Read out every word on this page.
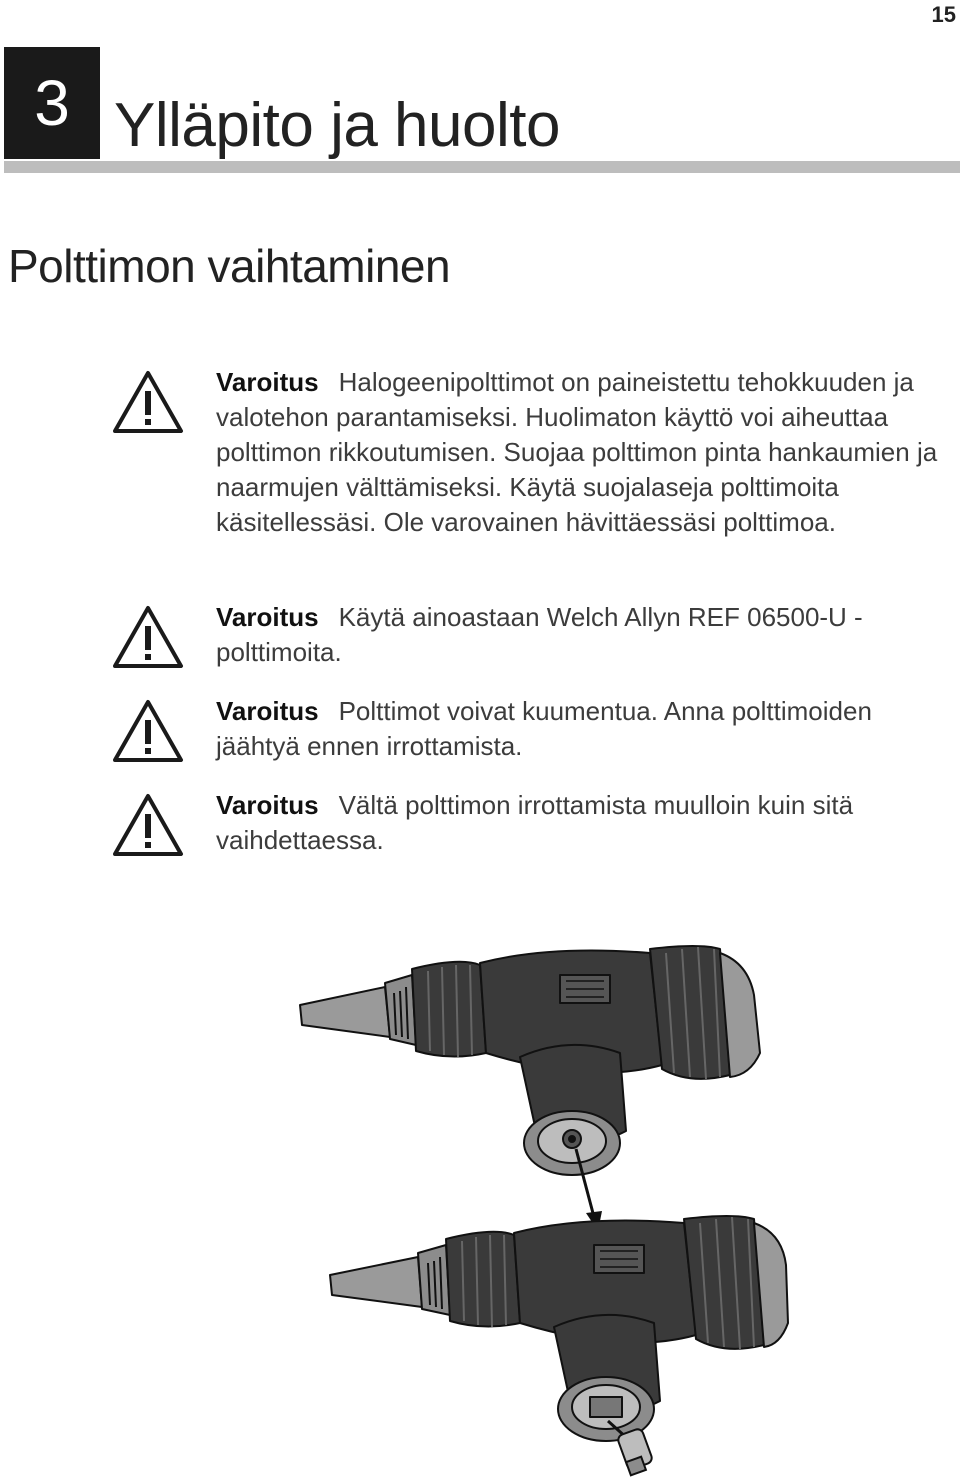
15
3 Ylläpito ja huolto
Polttimon vaihtaminen
Varoitus Halogeenipolttimot on paineistettu tehokkuuden ja valotehon parantamiseksi. Huolimaton käyttö voi aiheuttaa polttimon rikkoutumisen. Suojaa polttimon pinta hankaumien ja naarmujen välttämiseksi. Käytä suojalaseja polttimoita käsitellessäsi. Ole varovainen hävittäessäsi polttimoa.
Varoitus Käytä ainoastaan Welch Allyn REF 06500-U -polttimoita.
Varoitus Polttimot voivat kuumentua. Anna polttimoiden jäähtyä ennen irrottamista.
Varoitus Vältä polttimon irrottamista muulloin kuin sitä vaihdettaessa.
